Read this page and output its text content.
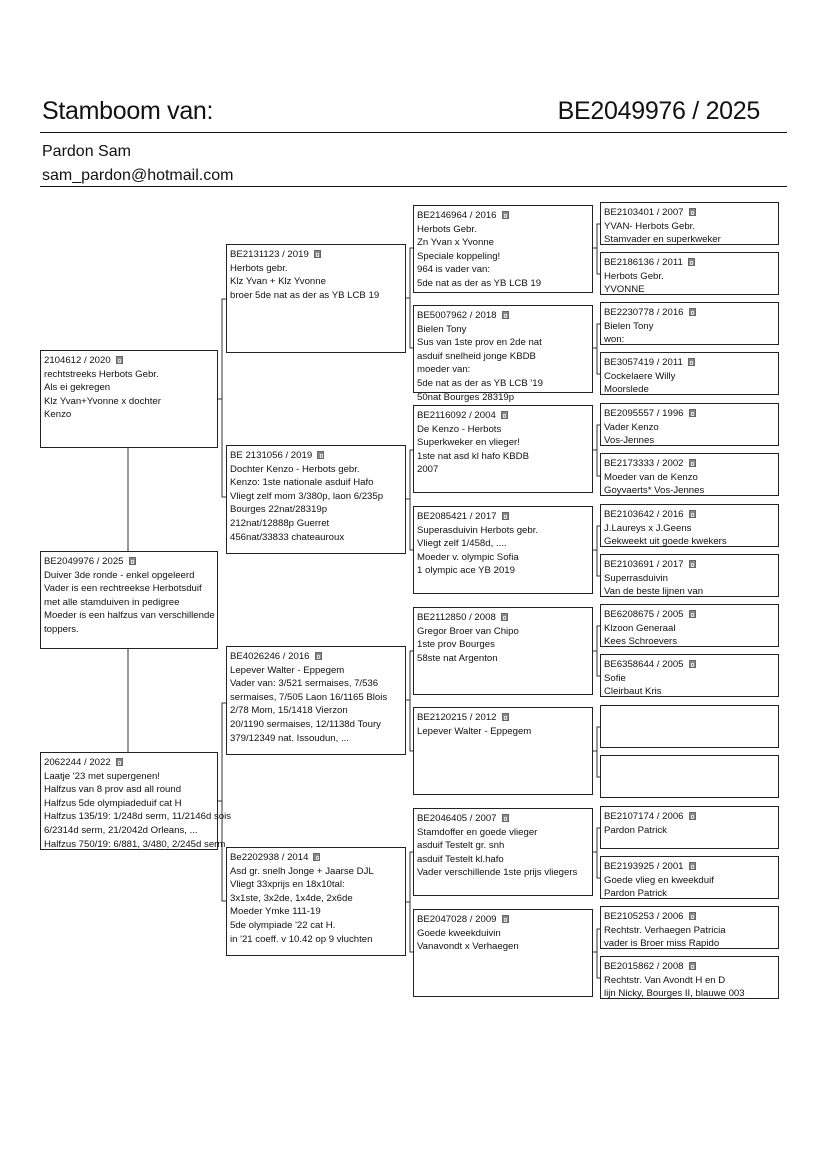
Stamboom van:	BE2049976 / 2025
Pardon Sam
sam_pardon@hotmail.com
2104612 / 2020
rechtstreeks Herbots Gebr.
Als ei gekregen
Klz Yvan+Yvonne x dochter
Kenzo
BE2049976 / 2025
Duiver 3de ronde - enkel opgeleerd
Vader is een rechtreekse Herbotsduif
met alle stamduiven in pedigree
Moeder is een halfzus van verschillende
toppers.
2062244 / 2022
Laatje '23 met supergenen!
Halfzus van 8 prov asd all round
Halfzus 5de olympiadeduif cat H
Halfzus 135/19: 1/248d serm, 11/2146d sois
6/2314d serm, 21/2042d Orleans, ...
Halfzus 750/19: 6/881, 3/480, 2/245d serm
BE2131123 / 2019
Herbots gebr.
Klz Yvan + Klz Yvonne
broer 5de nat as der as YB LCB 19
BE 2131056 / 2019
Dochter Kenzo - Herbots gebr.
Kenzo: 1ste nationale asduif Hafo
Vliegt zelf mom 3/380p, laon 6/235p
Bourges 22nat/28319p
212nat/12888p Guerret
456nat/33833 chateauroux
BE4026246 / 2016
Lepever Walter - Eppegem
Vader van: 3/521 sermaises, 7/536
sermaises, 7/505 Laon 16/1165 Blois
2/78 Mom, 15/1418 Vierzon
20/1190 sermaises, 12/1138d Toury
379/12349 nat. Issoudun, ...
Be2202938 / 2014
Asd gr. snelh Jonge + Jaarse DJL
Vliegt 33xprijs en 18x10tal:
3x1ste, 3x2de, 1x4de, 2x6de
Moeder Ymke 111-19
5de olympiade '22 cat H.
in '21 coeff. v 10.42 op 9 vluchten
BE2146964 / 2016
Herbots Gebr.
Zn Yvan x Yvonne
Speciale koppeling!
964 is vader van:
5de nat as der as YB LCB 19
BE5007962 / 2018
Bielen Tony
Sus van 1ste prov en 2de nat
asduif snelheid jonge KBDB
moeder van:
5de nat as der as YB LCB '19
50nat Bourges 28319p
BE2116092 / 2004
De Kenzo - Herbots
Superkweker en vlieger!
1ste nat asd kl hafo KBDB
2007
BE2085421 / 2017
Superasduivin Herbots gebr.
Vliegt zelf 1/458d, ....
Moeder v. olympic Sofia
1 olympic ace YB 2019
BE2112850 / 2008
Gregor Broer van Chipo
1ste prov Bourges
58ste nat Argenton
BE2120215 / 2012
Lepever Walter - Eppegem
BE2046405 / 2007
Stamdoffer en goede vlieger
asduif Testelt gr. snh
asduif Testelt kl.hafo
Vader verschillende 1ste prijs vliegers
BE2047028 / 2009
Goede kweekduivin
Vanavondt x Verhaegen
BE2103401 / 2007
YVAN- Herbots Gebr.
Stamvader en superkweker
BE2186136 / 2011
Herbots Gebr.
YVONNE
BE2230778 / 2016
Bielen Tony
won:
BE3057419 / 2011
Cockelaere Willy
Moorslede
BE2095557 / 1996
Vader Kenzo
Vos-Jennes
BE2173333 / 2002
Moeder van de Kenzo
Goyvaerts* Vos-Jennes
BE2103642 / 2016
J.Laureys x J.Geens
Gekweekt uit goede kwekers
BE2103691 / 2017
Superrasduivin
Van de beste lijnen van
BE6208675 / 2005
Klzoon Generaal
Kees Schroevers
BE6358644 / 2005
Sofie
Cleirbaut Kris
BE2107174 / 2006
Pardon Patrick
BE2193925 / 2001
Goede vlieg en kweekduif
Pardon Patrick
BE2105253 / 2006
Rechtstr. Verhaegen Patricia
vader is Broer miss Rapido
BE2015862 / 2008
Rechtstr. Van Avondt H en D
lijn Nicky, Bourges II, blauwe 003
